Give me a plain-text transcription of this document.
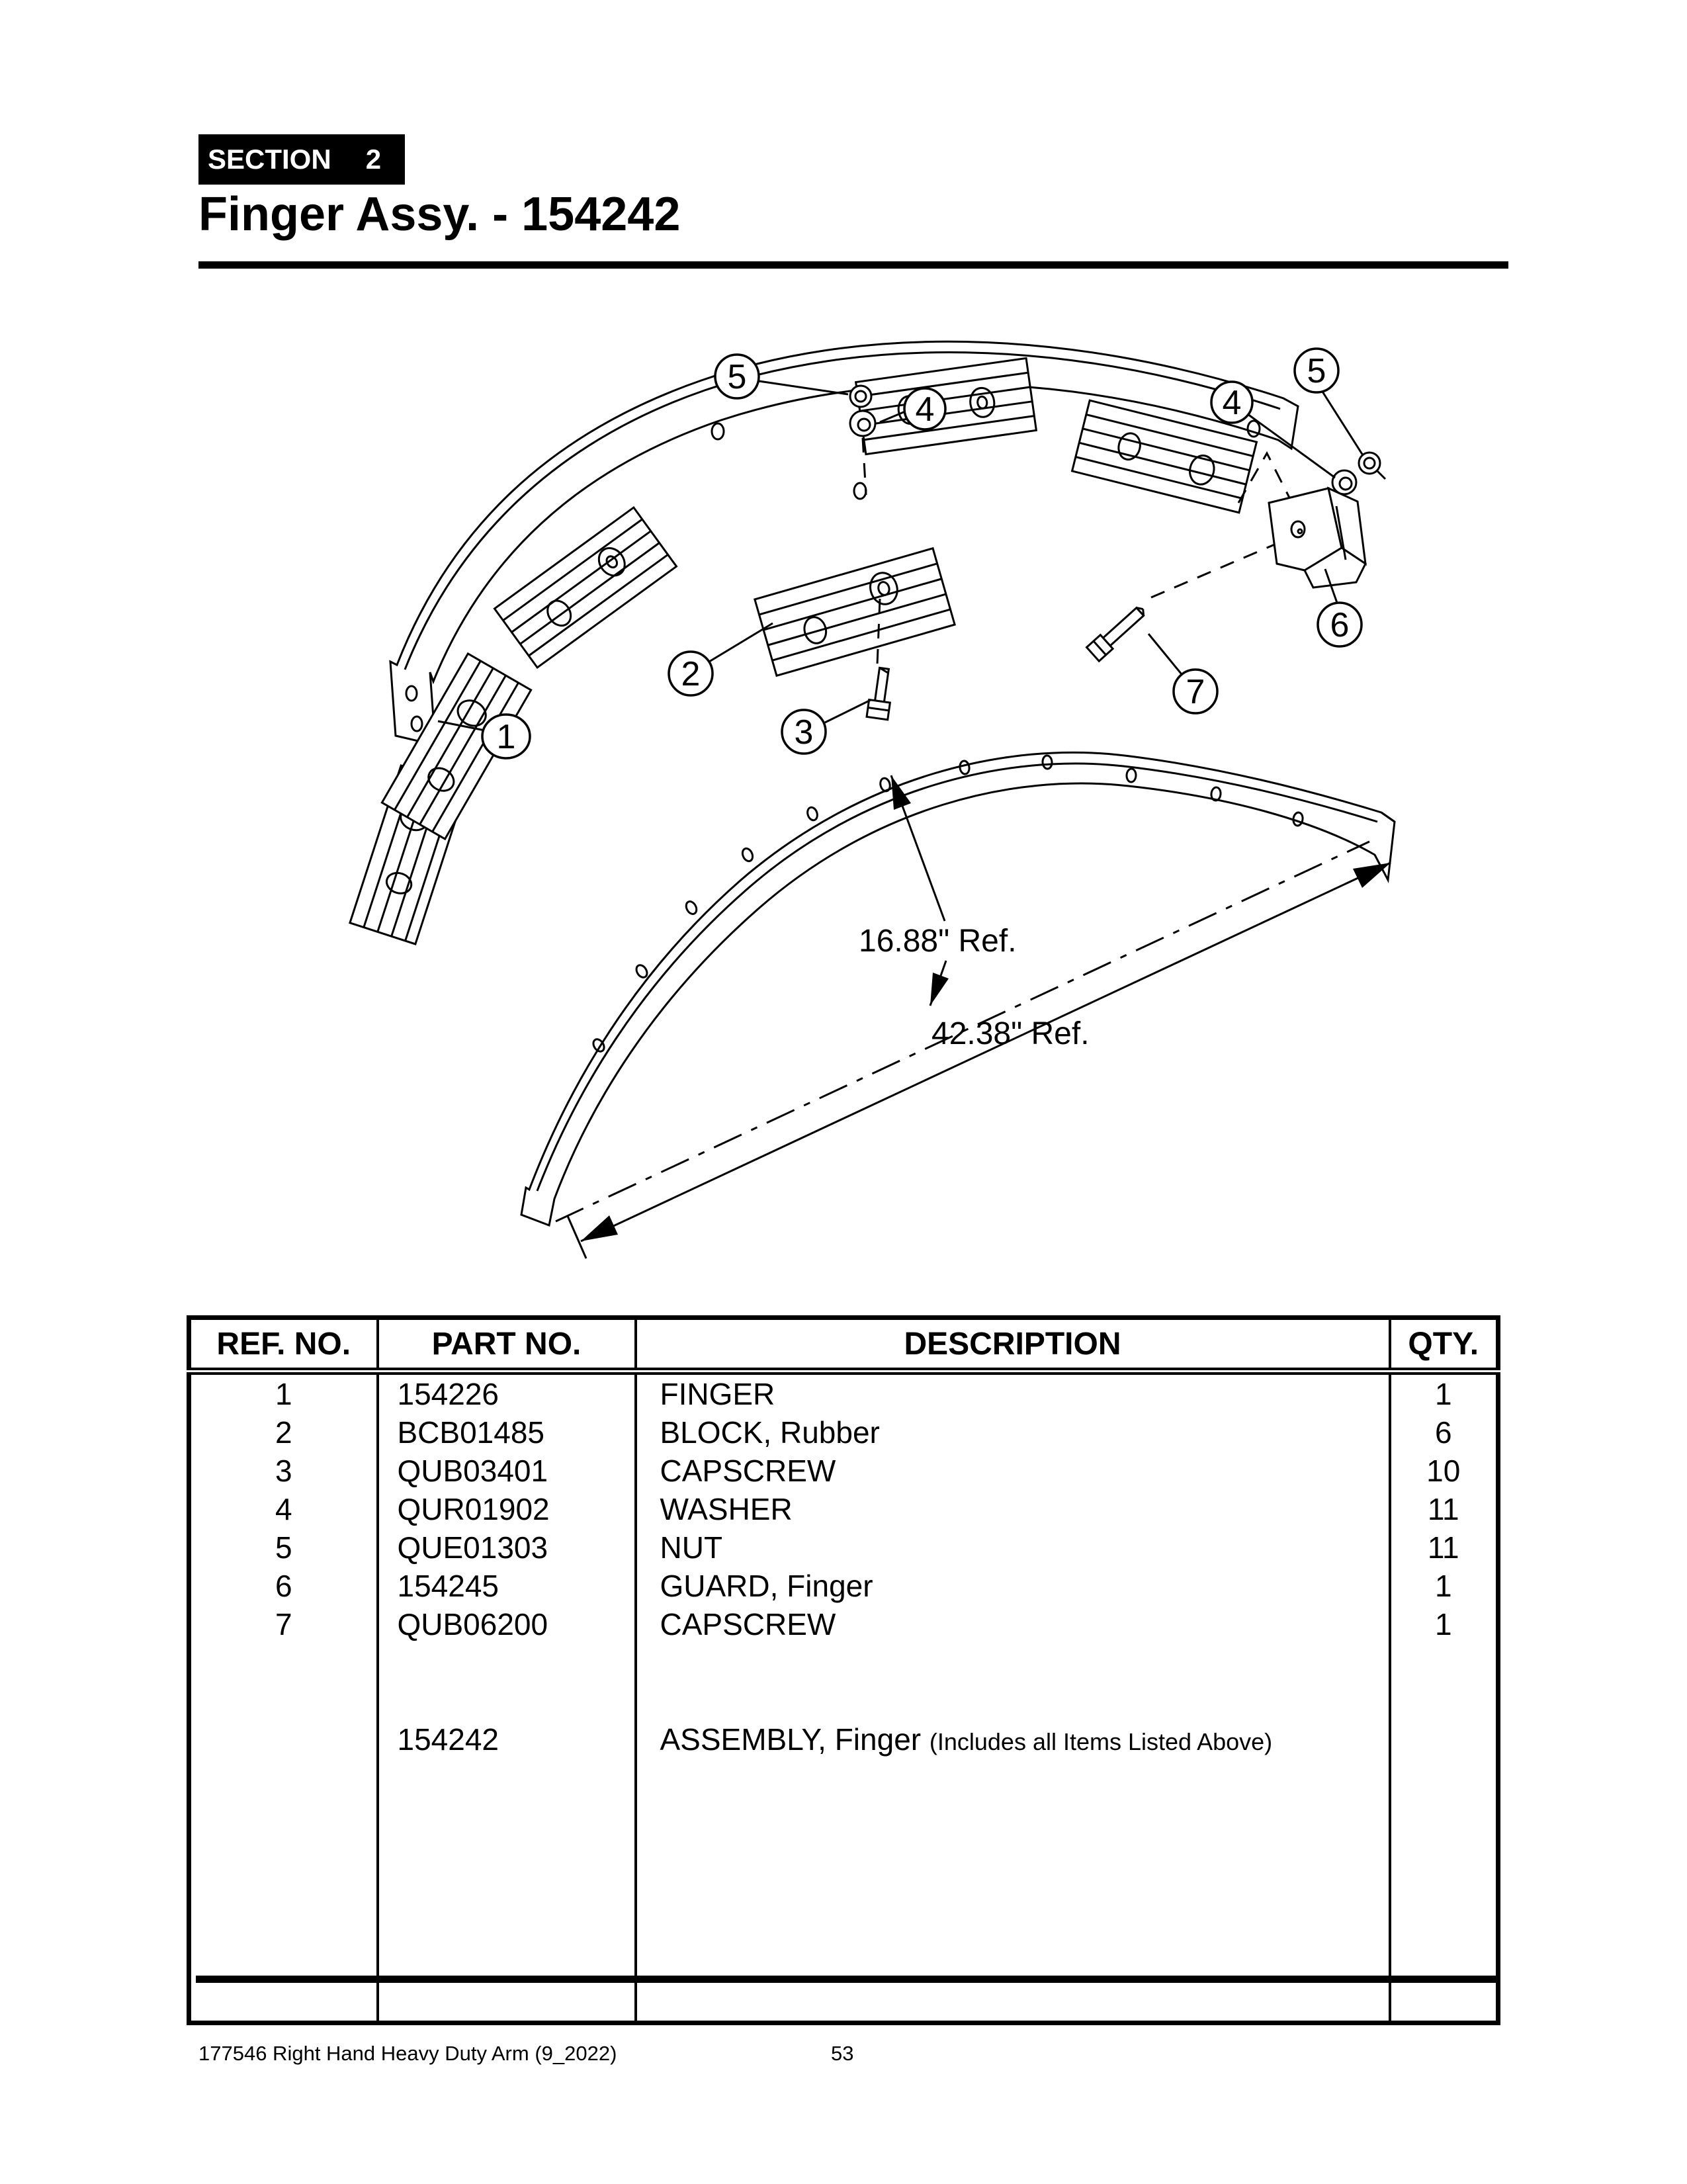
SECTION 2
Finger Assy. - 154242
42.38" Ref.
16.88" Ref.
1
2
3
4
5
4
5
6
7
REF. NO.	PART NO.	DESCRIPTION	QTY.
1	154226	FINGER	1
2	BCB01485	BLOCK, Rubber	6
3	QUB03401	CAPSCREW	10
4	QUR01902	WASHER	11
5	QUE01303	NUT	11
6	154245	GUARD, Finger	1
7	QUB06200	CAPSCREW	1
	154242	ASSEMBLY, Finger (Includes all Items Listed Above)	
177546 Right Hand Heavy Duty Arm (9_2022)	53
